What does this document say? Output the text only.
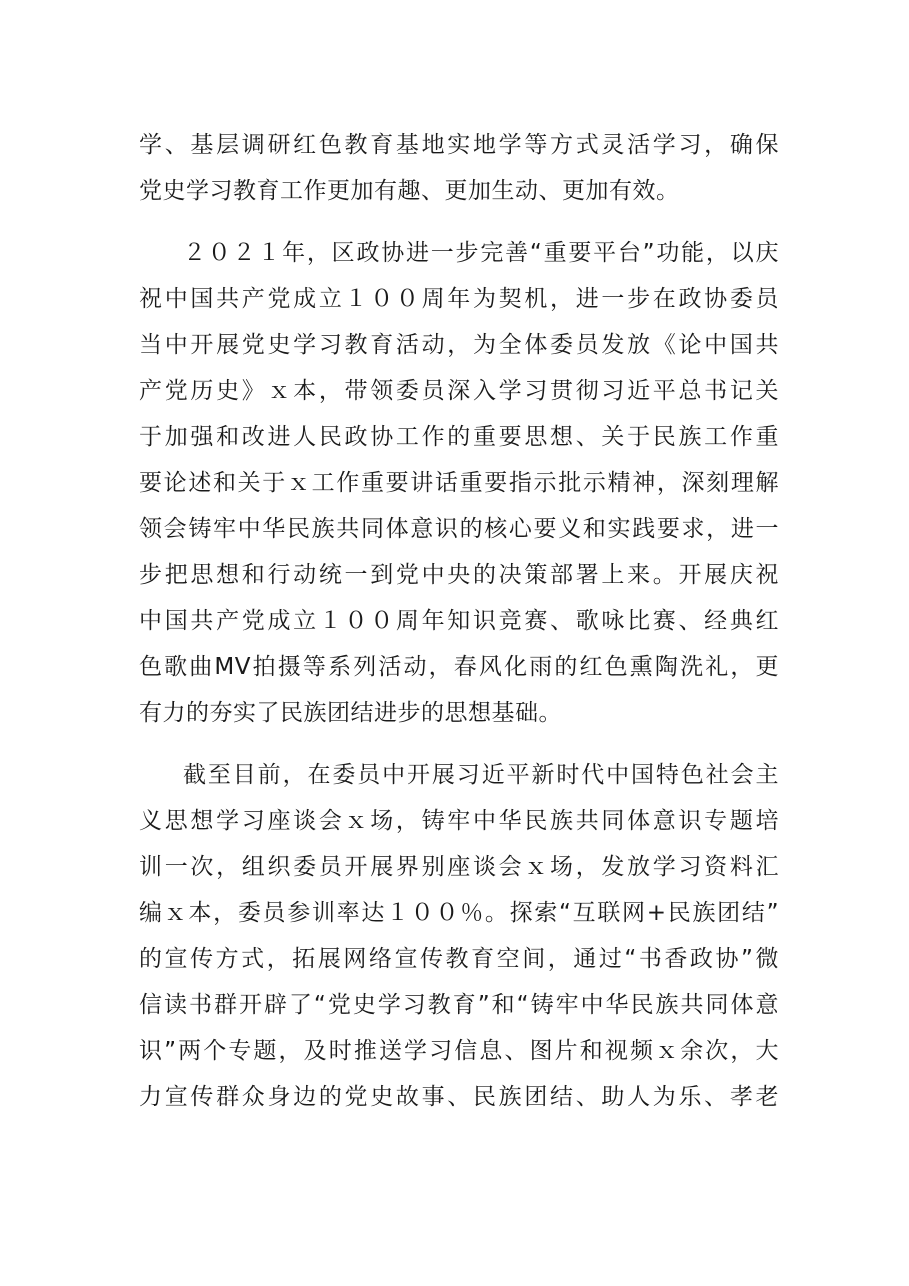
学、基层调研红色教育基地实地学等方式灵活学习，确保
党史学习教育工作更加有趣、更加生动、更加有效。
２０２１年，区政协进一步完善“重要平台”功能，以庆
祝中国共产党成立１００周年为契机，进一步在政协委员
当中开展党史学习教育活动，为全体委员发放《论中国共
产党历史》ｘ本，带领委员深入学习贯彻习近平总书记关
于加强和改进人民政协工作的重要思想、关于民族工作重
要论述和关于ｘ工作重要讲话重要指示批示精神，深刻理解
领会铸牢中华民族共同体意识的核心要义和实践要求，进一
步把思想和行动统一到党中央的决策部署上来。开展庆祝
中国共产党成立１００周年知识竞赛、歌咏比赛、经典红
色歌曲MV拍摄等系列活动，春风化雨的红色熏陶洗礼，更
有力的夯实了民族团结进步的思想基础。
截至目前，在委员中开展习近平新时代中国特色社会主
义思想学习座谈会ｘ场，铸牢中华民族共同体意识专题培
训一次，组织委员开展界别座谈会ｘ场，发放学习资料汇
编ｘ本，委员参训率达１００％。探索“互联网+民族团结”
的宣传方式，拓展网络宣传教育空间，通过“书香政协”微
信读书群开辟了“党史学习教育”和“铸牢中华民族共同体意
识”两个专题，及时推送学习信息、图片和视频ｘ余次，大
力宣传群众身边的党史故事、民族团结、助人为乐、孝老
